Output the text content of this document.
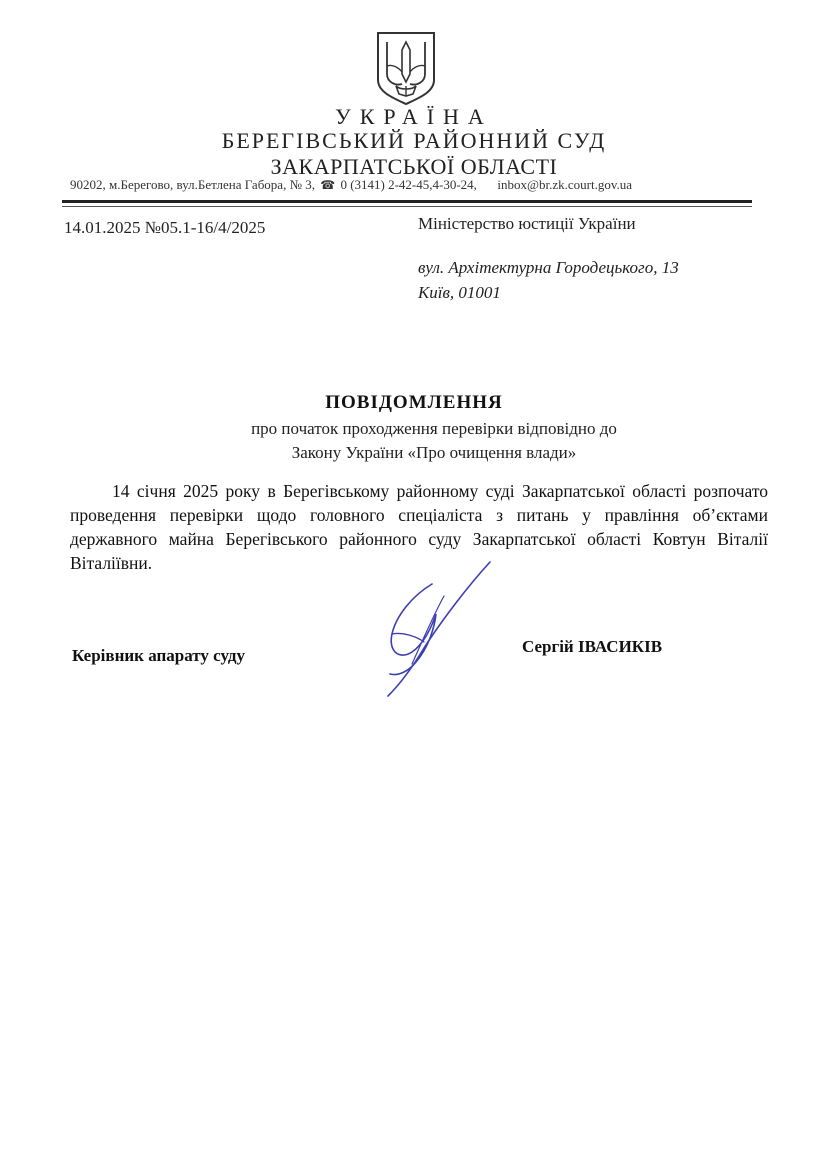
УКРАЇНА
БЕРЕГІВСЬКИЙ РАЙОННИЙ СУД
ЗАКАРПАТСЬКОЇ ОБЛАСТІ
90202, м.Берегово, вул.Бетлена Габора, № 3, ☎ 0 (3141) 2-42-45,4-30-24, inbox@br.zk.court.gov.ua
14.01.2025 №05.1-16/4/2025	Міністерство юстиції України
вул. Архітектурна Городецького, 13
Київ, 01001
ПОВІДОМЛЕННЯ
про початок проходження перевірки відповідно до
Закону України «Про очищення влади»
14 січня 2025 року в Берегівському районному суді Закарпатської області розпочато проведення перевірки щодо головного спеціаліста з питань у правління об’єктами державного майна Берегівського районного суду Закарпатської області Ковтун Віталії Віталіївни.
Керівник апарату суду	Сергій ІВАСИКІВ
